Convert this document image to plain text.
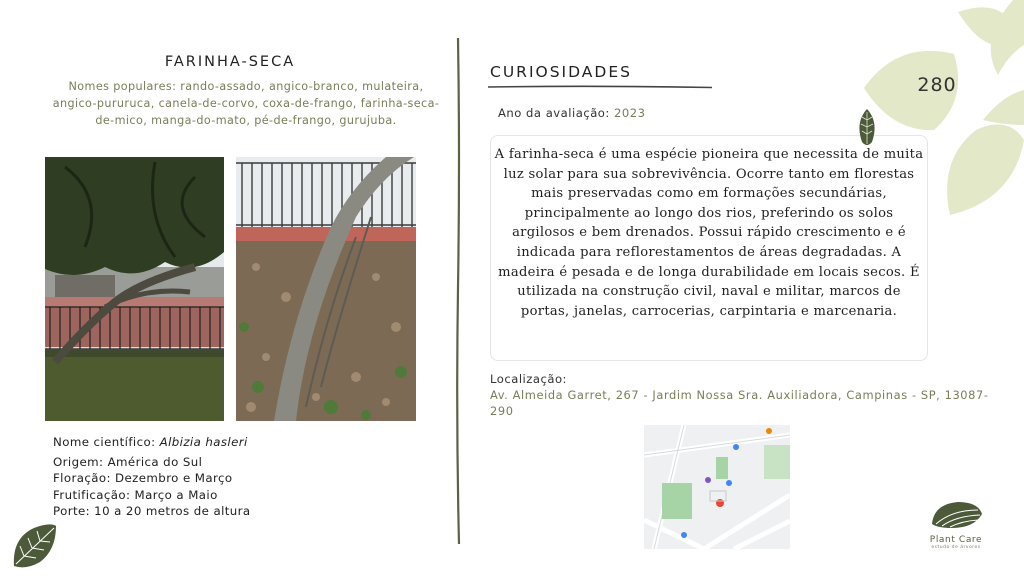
FARINHA-SECA
Nomes populares: rando-assado, angico-branco, mulateira, angico-pururuca, canela-de-corvo, coxa-de-frango, farinha-seca-de-mico, manga-do-mato, pé-de-frango, gurujuba.
Nome científico: Albizia hasleri
Origem: América do Sul
Floração: Dezembro e Março
Frutificação: Março a Maio
Porte: 10 a 20 metros de altura
CURIOSIDADES
Ano da avaliação: 2023

A farinha-seca é uma espécie pioneira que necessita de muita luz solar para sua sobrevivência. Ocorre tanto em florestas mais preservadas como em formações secundárias, principalmente ao longo dos rios, preferindo os solos argilosos e bem drenados. Possui rápido crescimento e é indicada para reflorestamentos de áreas degradadas. A madeira é pesada e de longa durabilidade em locais secos. É utilizada na construção civil, naval e militar, marcos de portas, janelas, carrocerias, carpintaria e marcenaria.

Localização:
Av. Almeida Garret, 267 - Jardim Nossa Sra. Auxiliadora, Campinas - SP, 13087-290
280
Plant Care
estudo de árvores
